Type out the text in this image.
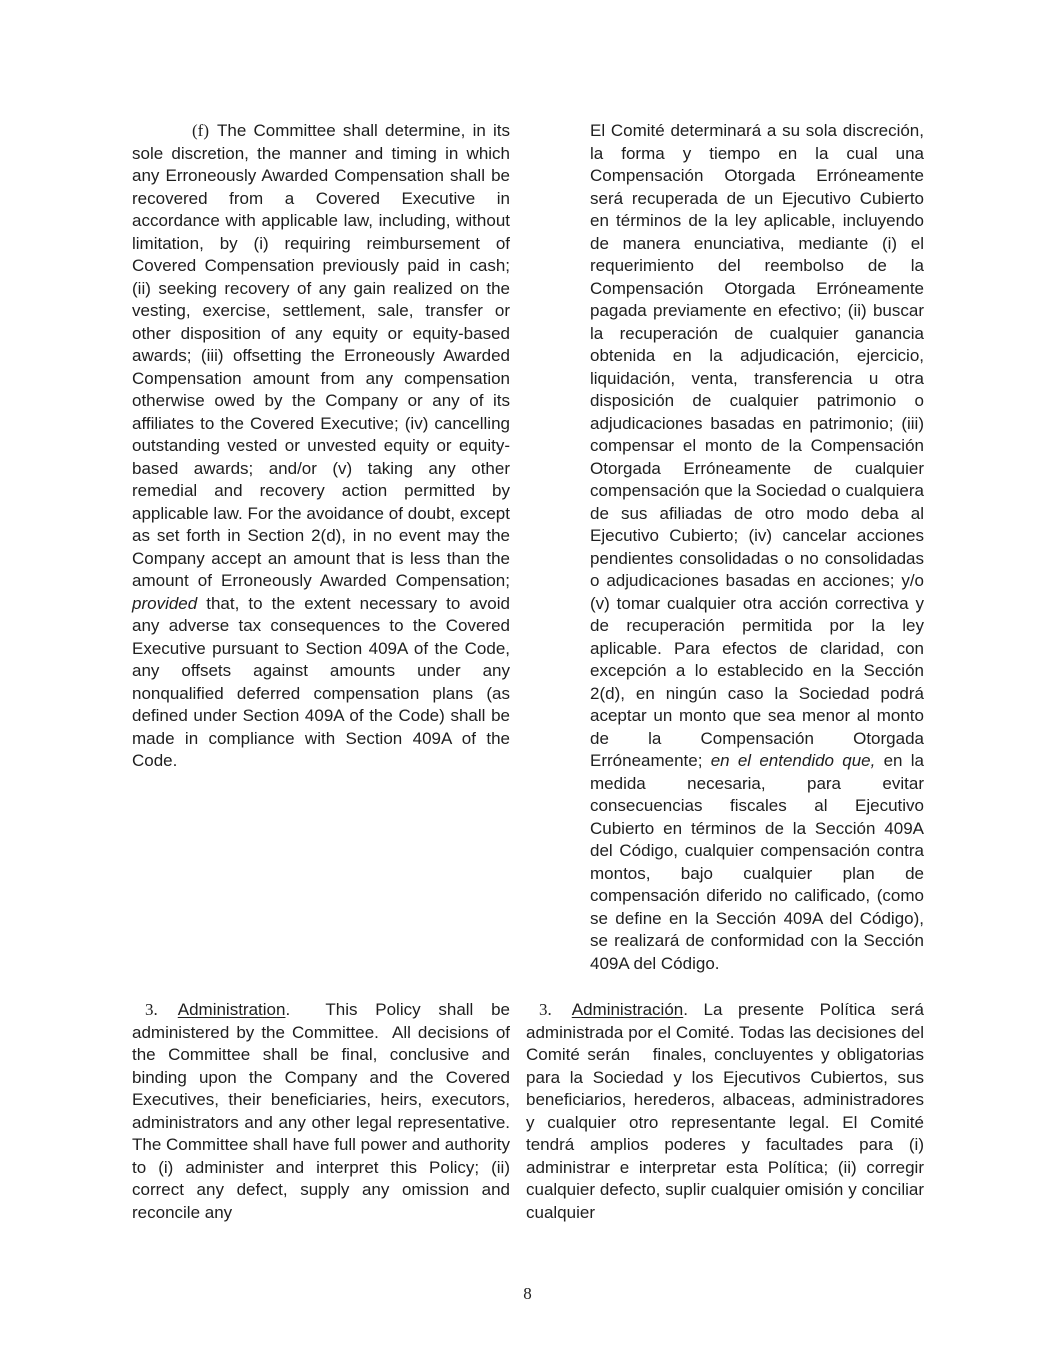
(f) The Committee shall determine, in its sole discretion, the manner and timing in which any Erroneously Awarded Compensation shall be recovered from a Covered Executive in accordance with applicable law, including, without limitation, by (i) requiring reimbursement of Covered Compensation previously paid in cash; (ii) seeking recovery of any gain realized on the vesting, exercise, settlement, sale, transfer or other disposition of any equity or equity-based awards; (iii) offsetting the Erroneously Awarded Compensation amount from any compensation otherwise owed by the Company or any of its affiliates to the Covered Executive; (iv) cancelling outstanding vested or unvested equity or equity-based awards; and/or (v) taking any other remedial and recovery action permitted by applicable law. For the avoidance of doubt, except as set forth in Section 2(d), in no event may the Company accept an amount that is less than the amount of Erroneously Awarded Compensation; provided that, to the extent necessary to avoid any adverse tax consequences to the Covered Executive pursuant to Section 409A of the Code, any offsets against amounts under any nonqualified deferred compensation plans (as defined under Section 409A of the Code) shall be made in compliance with Section 409A of the Code.

El Comité determinará a su sola discreción, la forma y tiempo en la cual una Compensación Otorgada Erróneamente será recuperada de un Ejecutivo Cubierto en términos de la ley aplicable, incluyendo de manera enunciativa, mediante (i) el requerimiento del reembolso de la Compensación Otorgada Erróneamente pagada previamente en efectivo; (ii) buscar la recuperación de cualquier ganancia obtenida en la adjudicación, ejercicio, liquidación, venta, transferencia u otra disposición de cualquier patrimonio o adjudicaciones basadas en patrimonio; (iii) compensar el monto de la Compensación Otorgada Erróneamente de cualquier compensación que la Sociedad o cualquiera de sus afiliadas de otro modo deba al Ejecutivo Cubierto; (iv) cancelar acciones pendientes consolidadas o no consolidadas o adjudicaciones basadas en acciones; y/o (v) tomar cualquier otra acción correctiva y de recuperación permitida por la ley aplicable. Para efectos de claridad, con excepción a lo establecido en la Sección 2(d), en ningún caso la Sociedad podrá aceptar un monto que sea menor al monto de la Compensación Otorgada Erróneamente; en el entendido que, en la medida necesaria, para evitar consecuencias fiscales al Ejecutivo Cubierto en términos de la Sección 409A del Código, cualquier compensación contra montos, bajo cualquier plan de compensación diferido no calificado, (como se define en la Sección 409A del Código), se realizará de conformidad con la Sección 409A del Código.

3. Administration.  This Policy shall be administered by the Committee.  All decisions of the Committee shall be final, conclusive and binding upon the Company and the Covered Executives, their beneficiaries, heirs, executors, administrators and any other legal representative. The Committee shall have full power and authority to (i) administer and interpret this Policy; (ii) correct any defect, supply any omission and reconcile any

3. Administración. La presente Política será administrada por el Comité. Todas las decisiones del Comité serán   finales, concluyentes y obligatorias para la Sociedad y los Ejecutivos Cubiertos, sus beneficiarios, herederos, albaceas, administradores y cualquier otro representante legal. El Comité tendrá amplios poderes y facultades para (i) administrar e interpretar esta Política; (ii) corregir cualquier defecto, suplir cualquier omisión y conciliar cualquier

8
